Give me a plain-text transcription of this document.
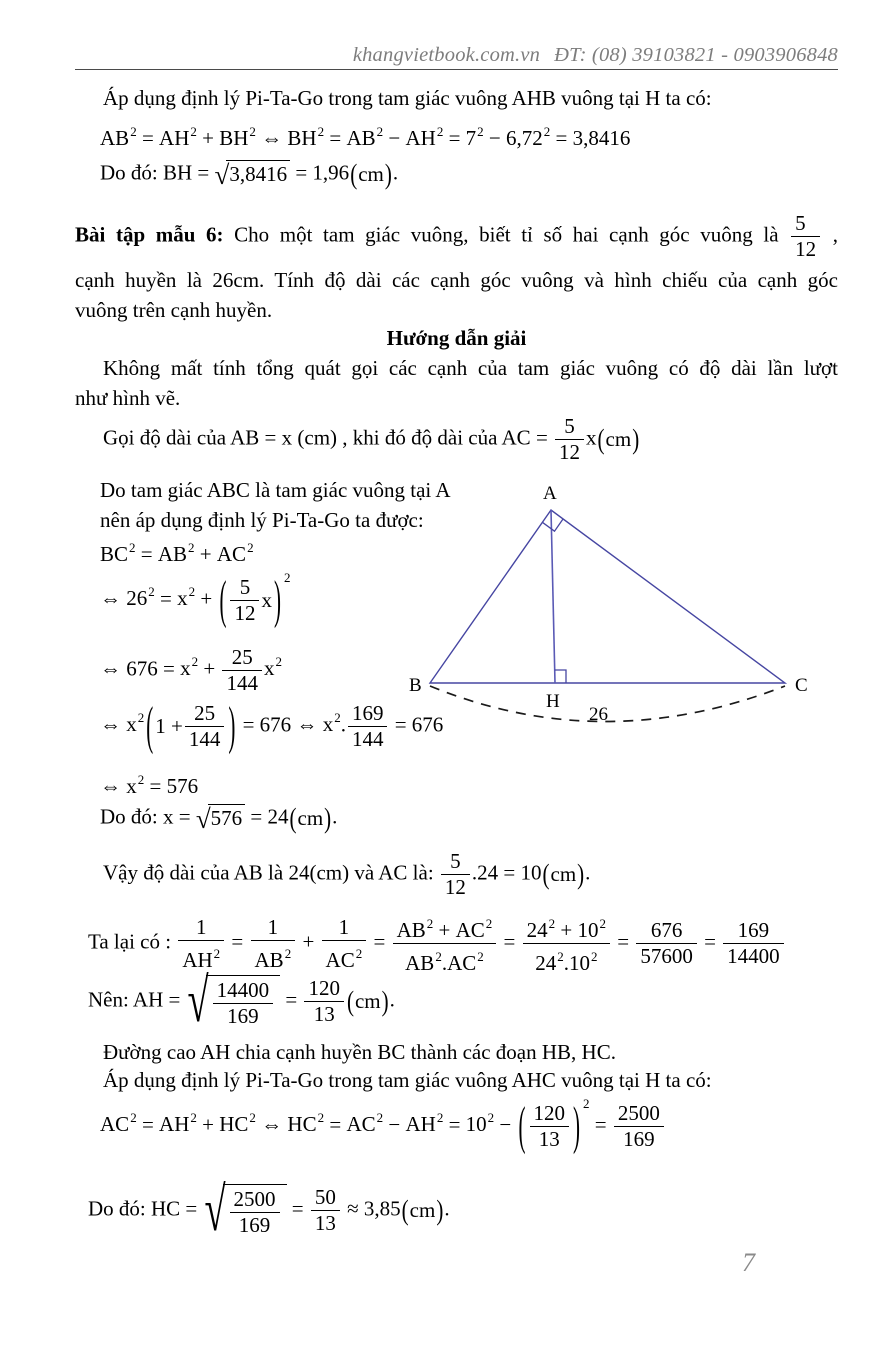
khangvietbook.com.vn ĐT: (08) 39103821 - 0903906848
Áp dụng định lý Pi-Ta-Go trong tam giác vuông AHB vuông tại H ta có:
$AB^2 = AH^2 + BH^2$ ⇔ $BH^2 = AB^2 - AH^2 = 7^2 - 6,72^2 = 3,8416$
Do đó: BH = √3,8416 = 1,96 ( cm ) .
Bài tập mẫu 6: Cho một tam giác vuông, biết tỉ số hai cạnh góc vuông là $\frac{5}{12}$ ,
cạnh huyền là 26cm. Tính độ dài các cạnh góc vuông và hình chiếu của cạnh góc
vuông trên cạnh huyền.
Hướng dẫn giải
Không mất tính tổng quát gọi các cạnh của tam giác vuông có độ dài lần lượt
như hình vẽ.
Gọi độ dài của AB = x (cm) , khi đó độ dài của AC = $\frac{5}{12}$ x ( cm )
Do tam giác ABC là tam giác vuông tại A
nên áp dụng định lý Pi-Ta-Go ta được:
$BC^2 = AB^2 + AC^2$
⇔ $26^2 = x^2$ + ( $\frac{5}{12}$ x ) 2
⇔ $676 = x^2 + \frac{25}{144} x^2$
⇔ $x^2$ ( $1 + \frac{25}{144}$ ) = 676 ⇔ $x^2$. $\frac{169}{144} = 676$
⇔ $x^2 = 576$
Do đó: x = √576 = 24 ( cm ) .
A
B	C
H
26
Vậy độ dài của AB là 24(cm) và AC là: $\frac{5}{12} .24 = 10$ ( cm ) .
Ta lại có : $\frac{1}{AH^2} = \frac{1}{AB^2} + \frac{1}{AC^2} = \frac{AB^2 + AC^2}{AB^2.AC^2} = \frac{24^2 + 10^2}{24^2.10^2} = \frac{676}{57600} = \frac{169}{14400}$
Nên: AH = √ $\frac{14400}{169} = \frac{120}{13}$ ( cm ) .
Đường cao AH chia cạnh huyền BC thành các đoạn HB, HC.
Áp dụng định lý Pi-Ta-Go trong tam giác vuông AHC vuông tại H ta có:
$AC^2 = AH^2 + HC^2$ ⇔ $HC^2 = AC^2 - AH^2 = 10^2$ − ( $\frac{120}{13}$ ) 2
= $\frac{2500}{169}$
Do đó: HC = √ $\frac{2500}{169} = \frac{50}{13} \approx 3,85$ ( cm ) .
7
